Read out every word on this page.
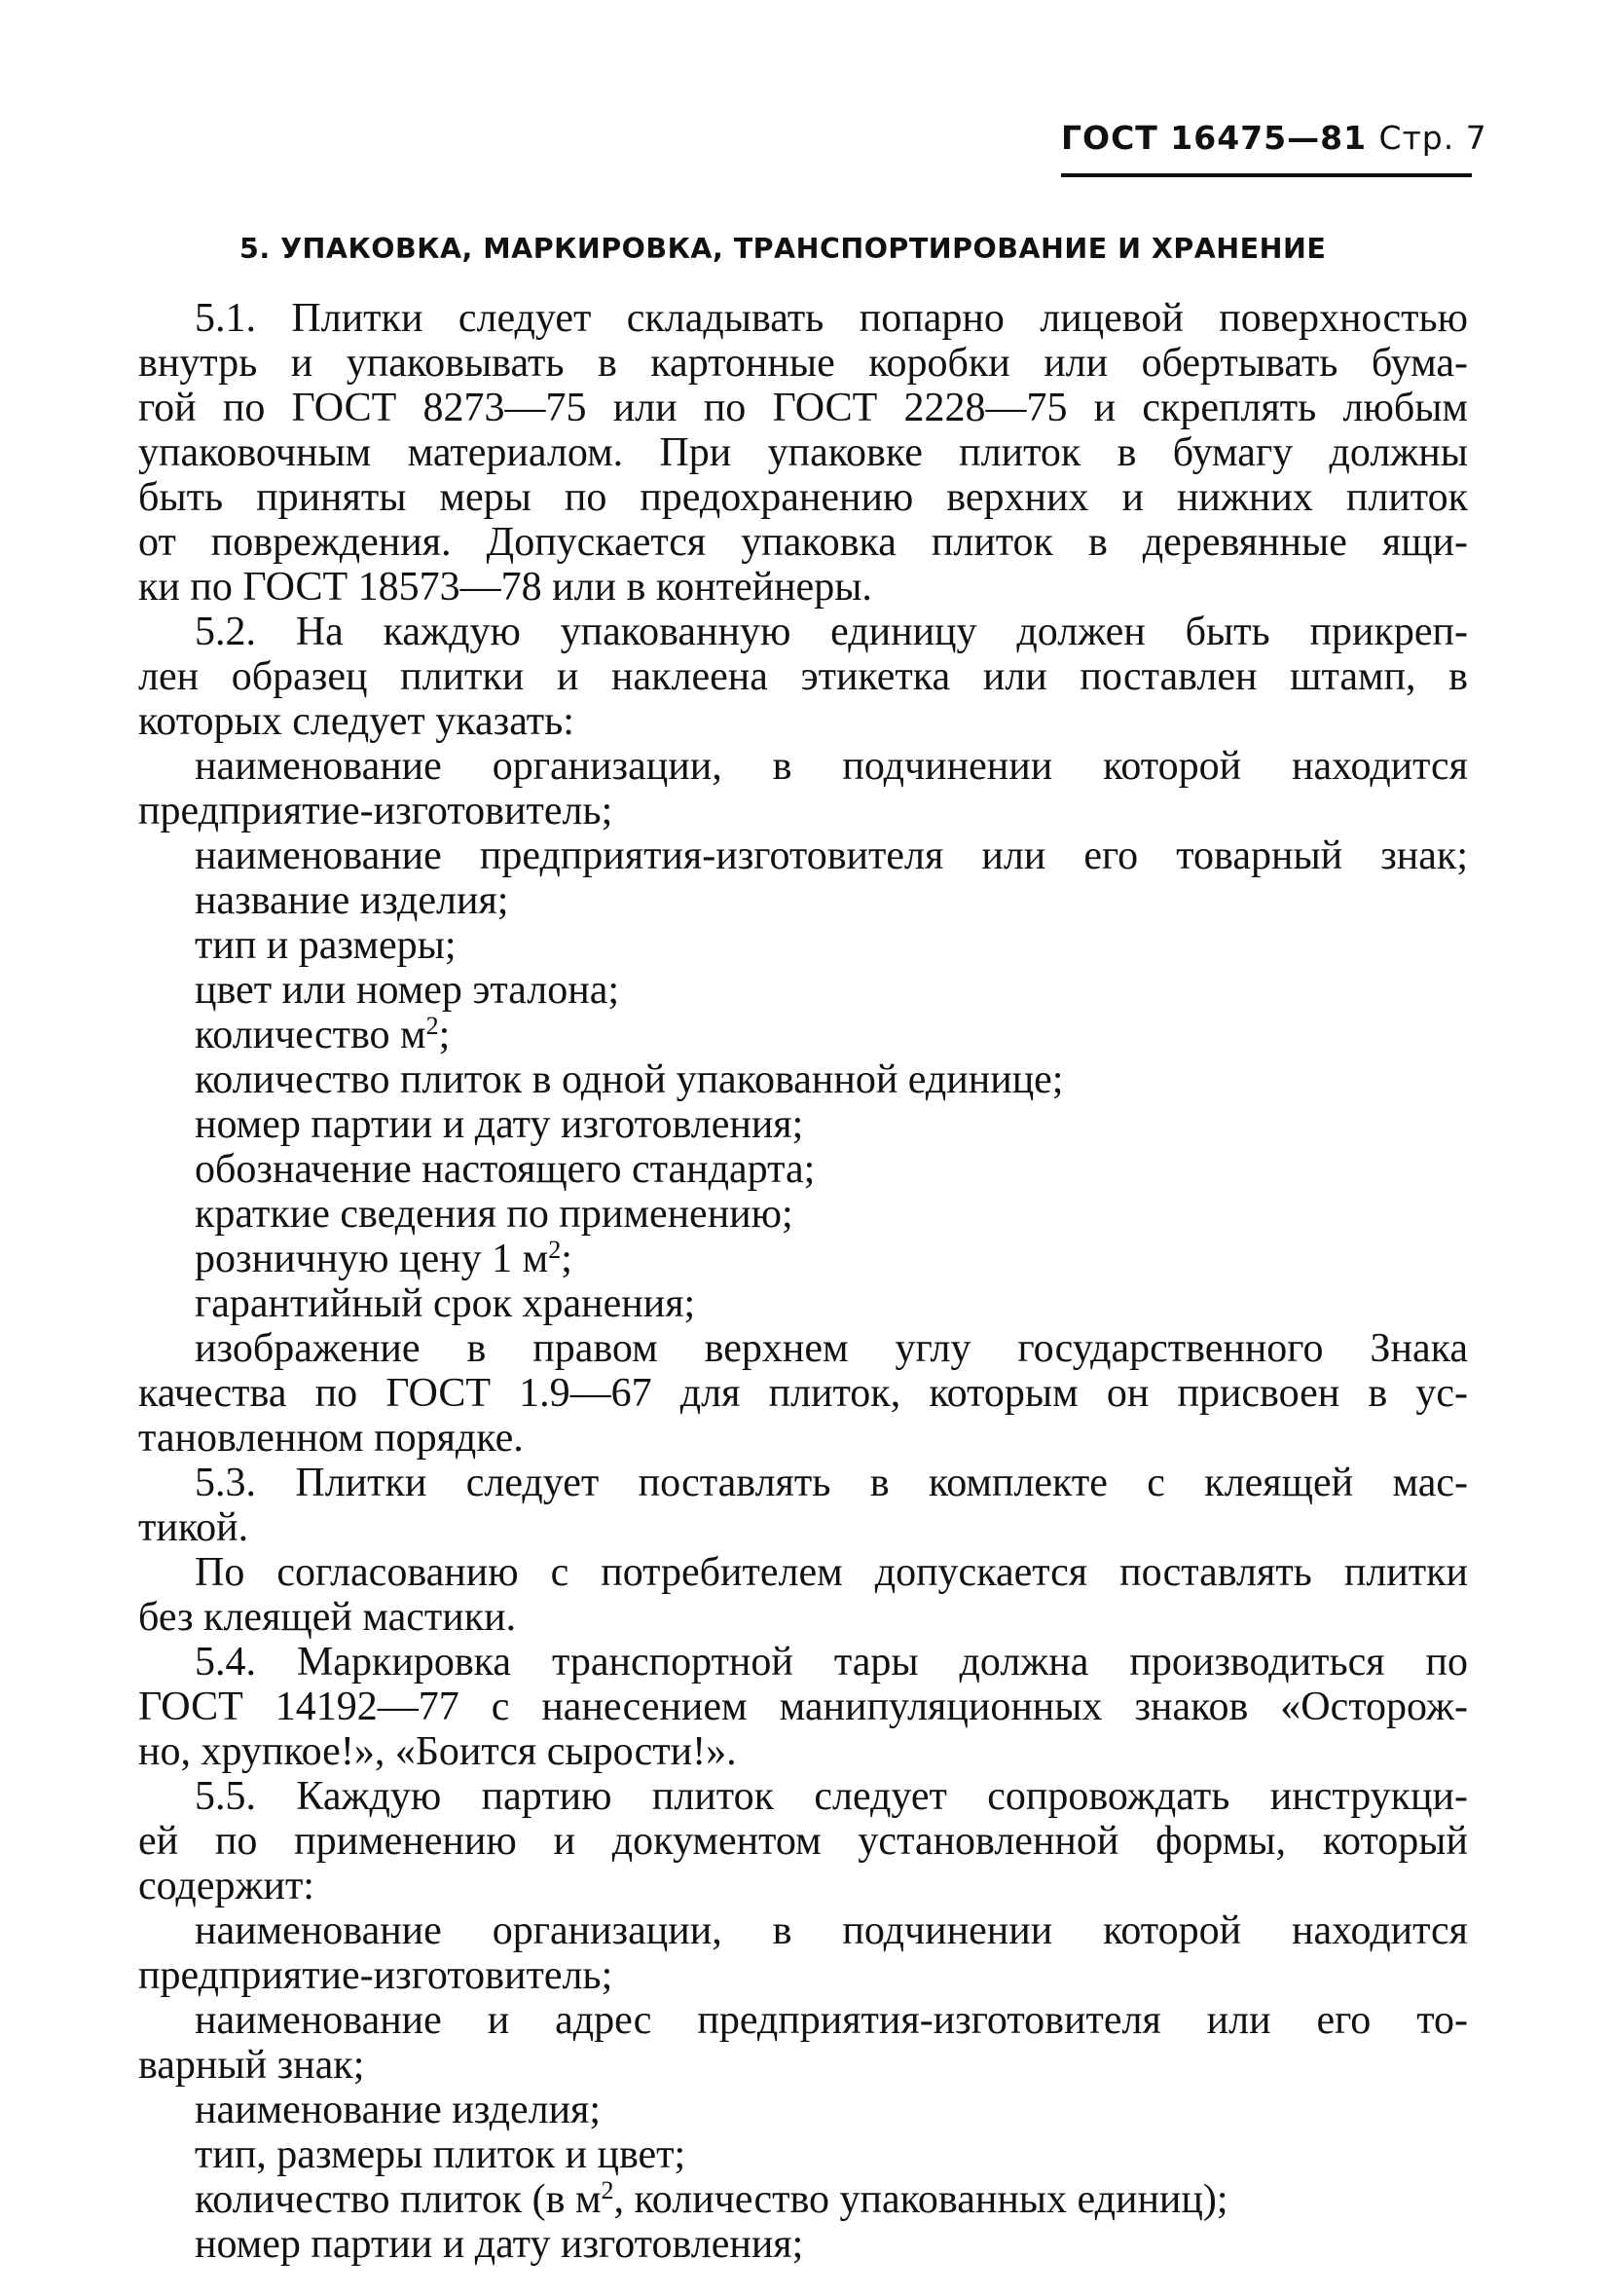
ГОСТ 16475—81 Стр. 7
5. УПАКОВКА, МАРКИРОВКА, ТРАНСПОРТИРОВАНИЕ И ХРАНЕНИЕ
5.1. Плитки следует складывать попарно лицевой поверхностью
внутрь и упаковывать в картонные коробки или обертывать бума-
гой по ГОСТ 8273—75 или по ГОСТ 2228—75 и скреплять любым
упаковочным материалом. При упаковке плиток в бумагу должны
быть приняты меры по предохранению верхних и нижних плиток
от повреждения. Допускается упаковка плиток в деревянные ящи-
ки по ГОСТ 18573—78 или в контейнеры.
5.2. На каждую упакованную единицу должен быть прикреп-
лен образец плитки и наклеена этикетка или поставлен штамп, в
которых следует указать:
наименование организации, в подчинении которой находится
предприятие-изготовитель;
наименование предприятия-изготовителя или его товарный знак;
название изделия;
тип и размеры;
цвет или номер эталона;
количество $м^2$;
количество плиток в одной упакованной единице;
номер партии и дату изготовления;
обозначение настоящего стандарта;
краткие сведения по применению;
розничную цену 1 $м^2$;
гарантийный срок хранения;
изображение в правом верхнем углу государственного Знака
качества по ГОСТ 1.9—67 для плиток, которым он присвоен в ус-
тановленном порядке.
5.3. Плитки следует поставлять в комплекте с клеящей мас-
тикой.
По согласованию с потребителем допускается поставлять плитки
без клеящей мастики.
5.4. Маркировка транспортной тары должна производиться по
ГОСТ 14192—77 с нанесением манипуляционных знаков «Осторож-
но, хрупкое!», «Боится сырости!».
5.5. Каждую партию плиток следует сопровождать инструкци-
ей по применению и документом установленной формы, который
содержит:
наименование организации, в подчинении которой находится
предприятие-изготовитель;
наименование и адрес предприятия-изготовителя или его то-
варный знак;
наименование изделия;
тип, размеры плиток и цвет;
количество плиток (в $м^2$, количество упакованных единиц);
номер партии и дату изготовления;
